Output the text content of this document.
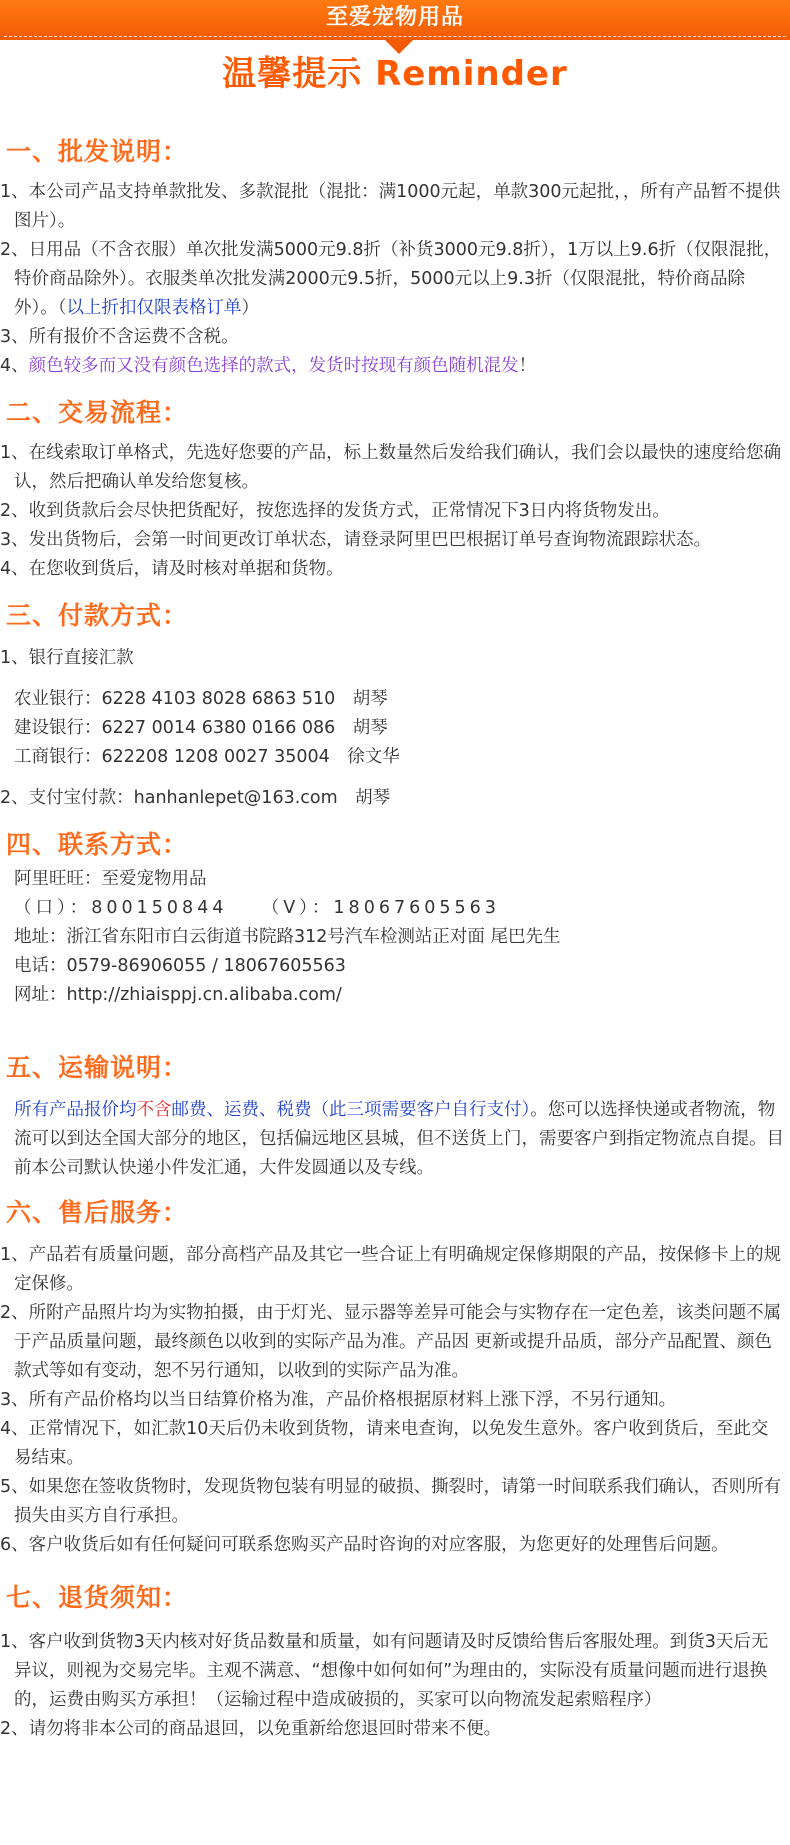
至爱宠物用品
温馨提示 Reminder
一、批发说明：

1、本公司产品支持单款批发、多款混批（混批：满1000元起，单款300元起批，，所有产品暂不提供图片）。

2、日用品（不含衣服）单次批发满5000元9.8折（补货3000元9.8折），1万以上9.6折（仅限混批，特价商品除外）。衣服类单次批发满2000元9.5折，5000元以上9.3折（仅限混批，特价商品除外）。（以上折扣仅限表格订单）

3、所有报价不含运费不含税。

4、颜色较多而又没有颜色选择的款式，发货时按现有颜色随机混发！

二、交易流程：

1、在线索取订单格式，先选好您要的产品，标上数量然后发给我们确认，我们会以最快的速度给您确认，然后把确认单发给您复核。

2、收到货款后会尽快把货配好，按您选择的发货方式，正常情况下3日内将货物发出。

3、发出货物后，会第一时间更改订单状态，请登录阿里巴巴根据订单号查询物流跟踪状态。

4、在您收到货后，请及时核对单据和货物。

三、付款方式：

1、银行直接汇款

农业银行：6228 4103 8028 6863 510　胡琴

建设银行：6227 0014 6380 0166 086　胡琴

工商银行：622208 1208 0027 35004　徐文华

2、支付宝付款：hanhanlepet@163.com　胡琴

四、联系方式：

阿里旺旺：至爱宠物用品

（口）：800150844　　（V）：18067605563

地址：浙江省东阳市白云街道书院路312号汽车检测站正对面 尾巴先生

电话：0579-86906055 / 18067605563

网址：http://zhiaisppj.cn.alibaba.com/

五、运输说明：

所有产品报价均不含邮费、运费、税费（此三项需要客户自行支付）。您可以选择快递或者物流，物流可以到达全国大部分的地区，包括偏远地区县城，但不送货上门，需要客户到指定物流点自提。目前本公司默认快递小件发汇通，大件发圆通以及专线。

六、售后服务：

1、产品若有质量问题，部分高档产品及其它一些合证上有明确规定保修期限的产品，按保修卡上的规定保修。

2、所附产品照片均为实物拍摄，由于灯光、显示器等差异可能会与实物存在一定色差，该类问题不属于产品质量问题，最终颜色以收到的实际产品为准。产品因 更新或提升品质，部分产品配置、颜色款式等如有变动，恕不另行通知，以收到的实际产品为准。

3、所有产品价格均以当日结算价格为准，产品价格根据原材料上涨下浮，不另行通知。

4、正常情况下，如汇款10天后仍未收到货物，请来电查询，以免发生意外。客户收到货后，至此交易结束。

5、如果您在签收货物时，发现货物包装有明显的破损、撕裂时，请第一时间联系我们确认，否则所有损失由买方自行承担。

6、客户收货后如有任何疑问可联系您购买产品时咨询的对应客服，为您更好的处理售后问题。

七、退货须知：

1、客户收到货物3天内核对好货品数量和质量，如有问题请及时反馈给售后客服处理。到货3天后无异议，则视为交易完毕。主观不满意、“想像中如何如何”为理由的，实际没有质量问题而进行退换的，运费由购买方承担！（运输过程中造成破损的，买家可以向物流发起索赔程序）

2、请勿将非本公司的商品退回，以免重新给您退回时带来不便。
